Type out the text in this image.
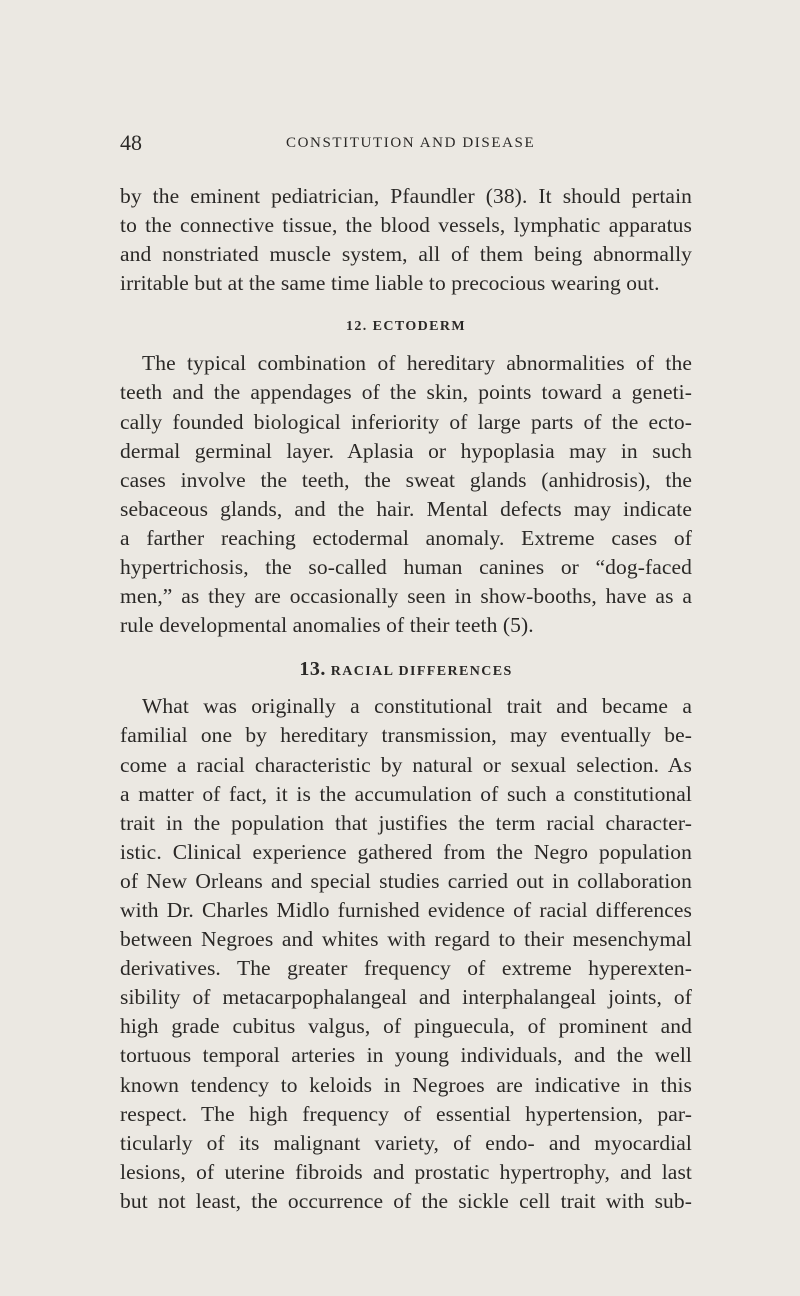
48	CONSTITUTION AND DISEASE

by the eminent pediatrician, Pfaundler (38). It should pertain

to the connective tissue, the blood vessels, lymphatic apparatus

and nonstriated muscle system, all of them being abnormally

irritable but at the same time liable to precocious wearing out.

12. ECTODERM

The typical combination of hereditary abnormalities of the

teeth and the appendages of the skin, points toward a geneti-

cally founded biological inferiority of large parts of the ecto-

dermal germinal layer. Aplasia or hypoplasia may in such

cases involve the teeth, the sweat glands (anhidrosis), the

sebaceous glands, and the hair. Mental defects may indicate

a farther reaching ectodermal anomaly. Extreme cases of

hypertrichosis, the so-called human canines or “dog-faced

men,” as they are occasionally seen in show-booths, have as a

rule developmental anomalies of their teeth (5).

13. RACIAL DIFFERENCES

What was originally a constitutional trait and became a

familial one by hereditary transmission, may eventually be-

come a racial characteristic by natural or sexual selection. As

a matter of fact, it is the accumulation of such a constitutional

trait in the population that justifies the term racial character-

istic. Clinical experience gathered from the Negro population

of New Orleans and special studies carried out in collaboration

with Dr. Charles Midlo furnished evidence of racial differences

between Negroes and whites with regard to their mesenchymal

derivatives. The greater frequency of extreme hyperexten-

sibility of metacarpophalangeal and interphalangeal joints, of

high grade cubitus valgus, of pinguecula, of prominent and

tortuous temporal arteries in young individuals, and the well

known tendency to keloids in Negroes are indicative in this

respect. The high frequency of essential hypertension, par-

ticularly of its malignant variety, of endo- and myocardial

lesions, of uterine fibroids and prostatic hypertrophy, and last

but not least, the occurrence of the sickle cell trait with sub-
